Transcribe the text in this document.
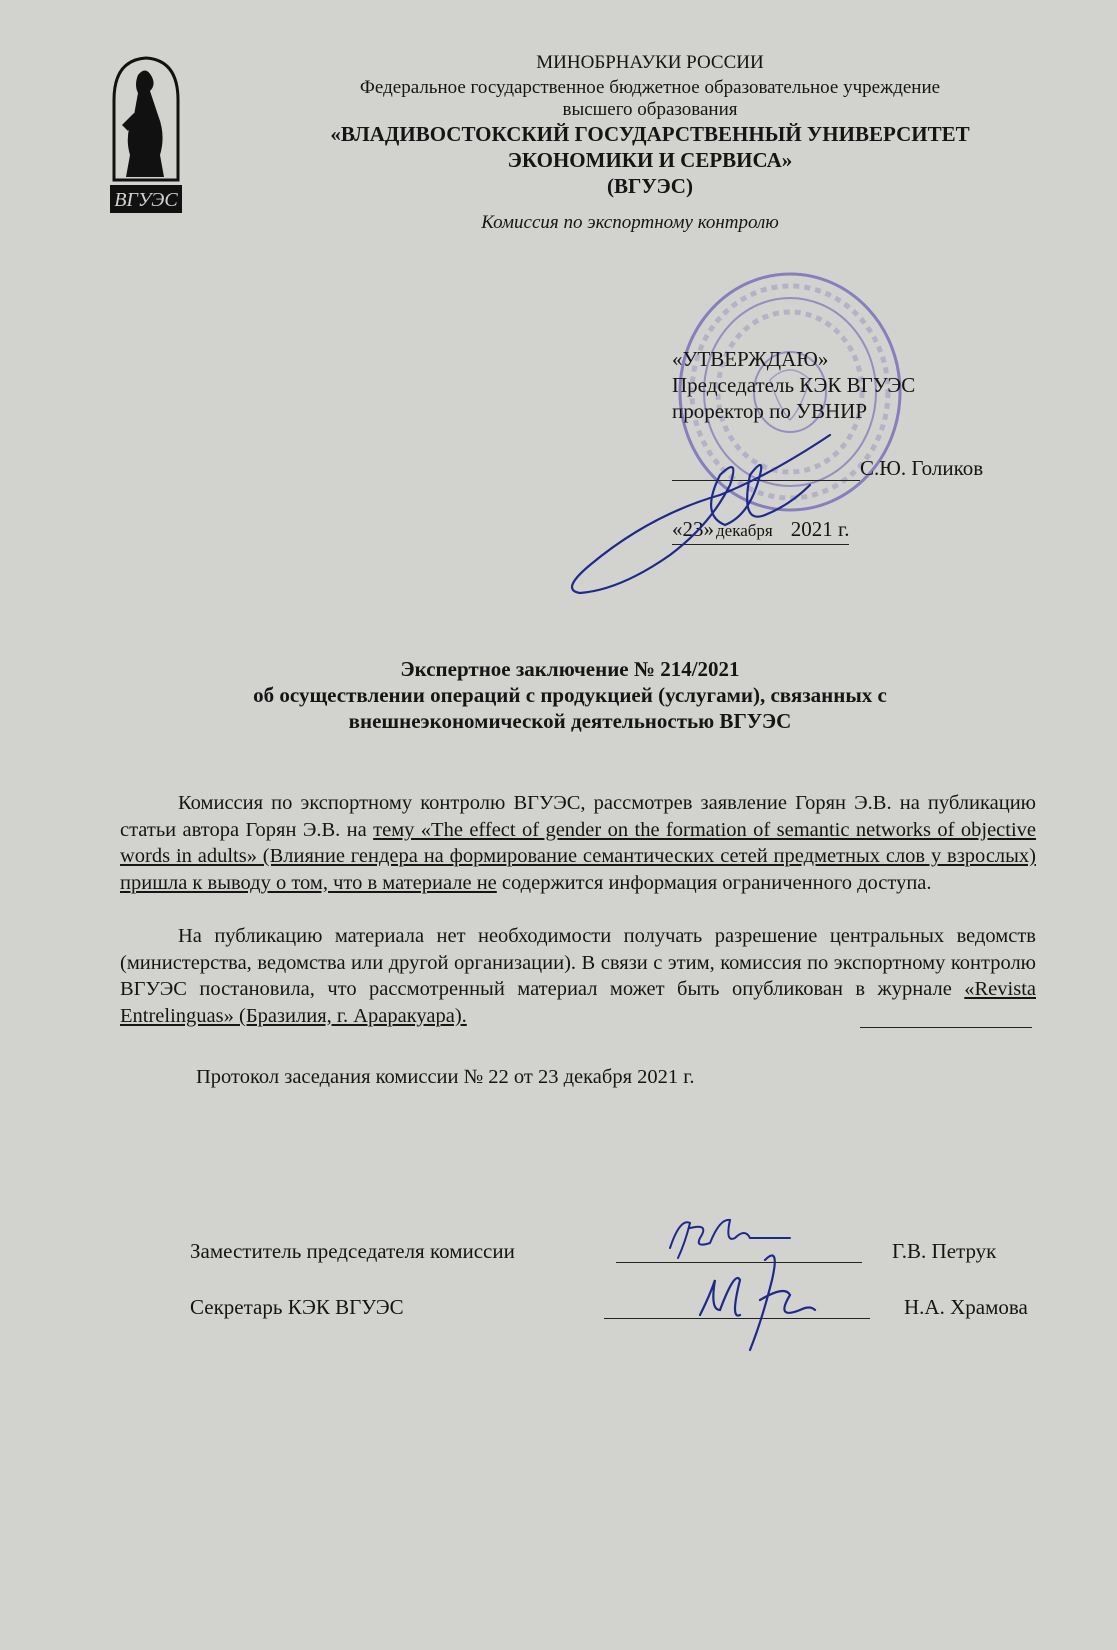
ВГУЭС
МИНОБРНАУКИ РОССИИ
Федеральное государственное бюджетное образовательное учреждение
высшего образования
«ВЛАДИВОСТОКСКИЙ ГОСУДАРСТВЕННЫЙ УНИВЕРСИТЕТ
ЭКОНОМИКИ И СЕРВИСА»
(ВГУЭС)
Комиссия по экспортному контролю
«УТВЕРЖДАЮ»
Председатель КЭК ВГУЭС
проректор по УВНИР
С.Ю. Голиков
«23» декабря 2021 г.
Экспертное заключение № 214/2021
об осуществлении операций с продукцией (услугами), связанных с
внешнеэкономической деятельностью ВГУЭС
Комиссия по экспортному контролю ВГУЭС, рассмотрев заявление Горян Э.В. на публикацию статьи автора Горян Э.В. на тему «The effect of gender on the formation of semantic networks of objective words in adults» (Влияние гендера на формирование семантических сетей предметных слов у взрослых) пришла к выводу о том, что в материале не содержится информация ограниченного доступа.
На публикацию материала нет необходимости получать разрешение центральных ведомств (министерства, ведомства или другой организации). В связи с этим, комиссия по экспортному контролю ВГУЭС постановила, что рассмотренный материал может быть опубликован в журнале «Revista Entrelinguas» (Бразилия, г. Араракуара).
Протокол заседания комиссии № 22 от 23 декабря 2021 г.
Заместитель председателя комиссии	Г.В. Петрук
Секретарь КЭК ВГУЭС	Н.А. Храмова
